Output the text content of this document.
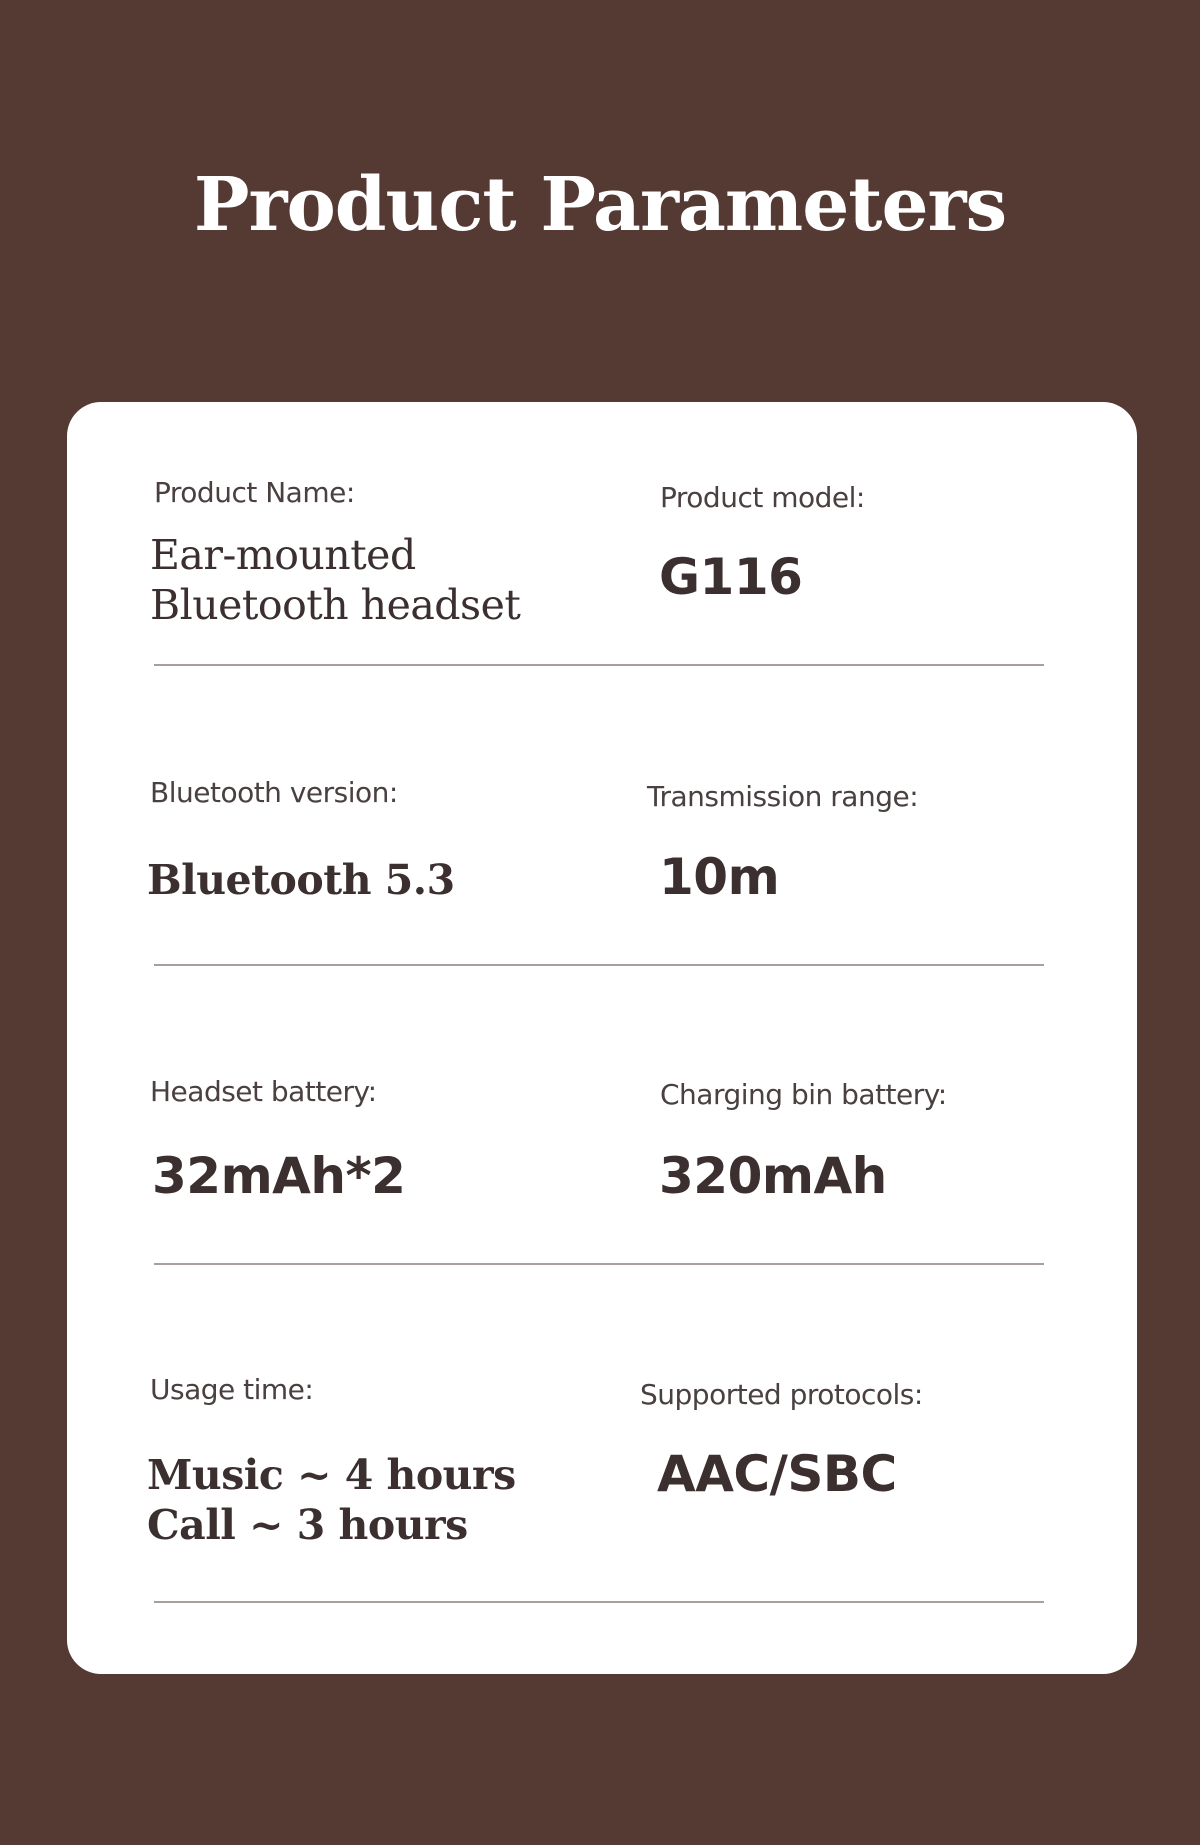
Product Parameters
Product Name:
Ear-mounted
Bluetooth headset
Product model:
G116
Bluetooth version:
Bluetooth 5.3
Transmission range:
10m
Headset battery:
32mAh*2
Charging bin battery:
320mAh
Usage time:
Music ~ 4 hours
Call ~ 3 hours
Supported protocols:
AAC/SBC
